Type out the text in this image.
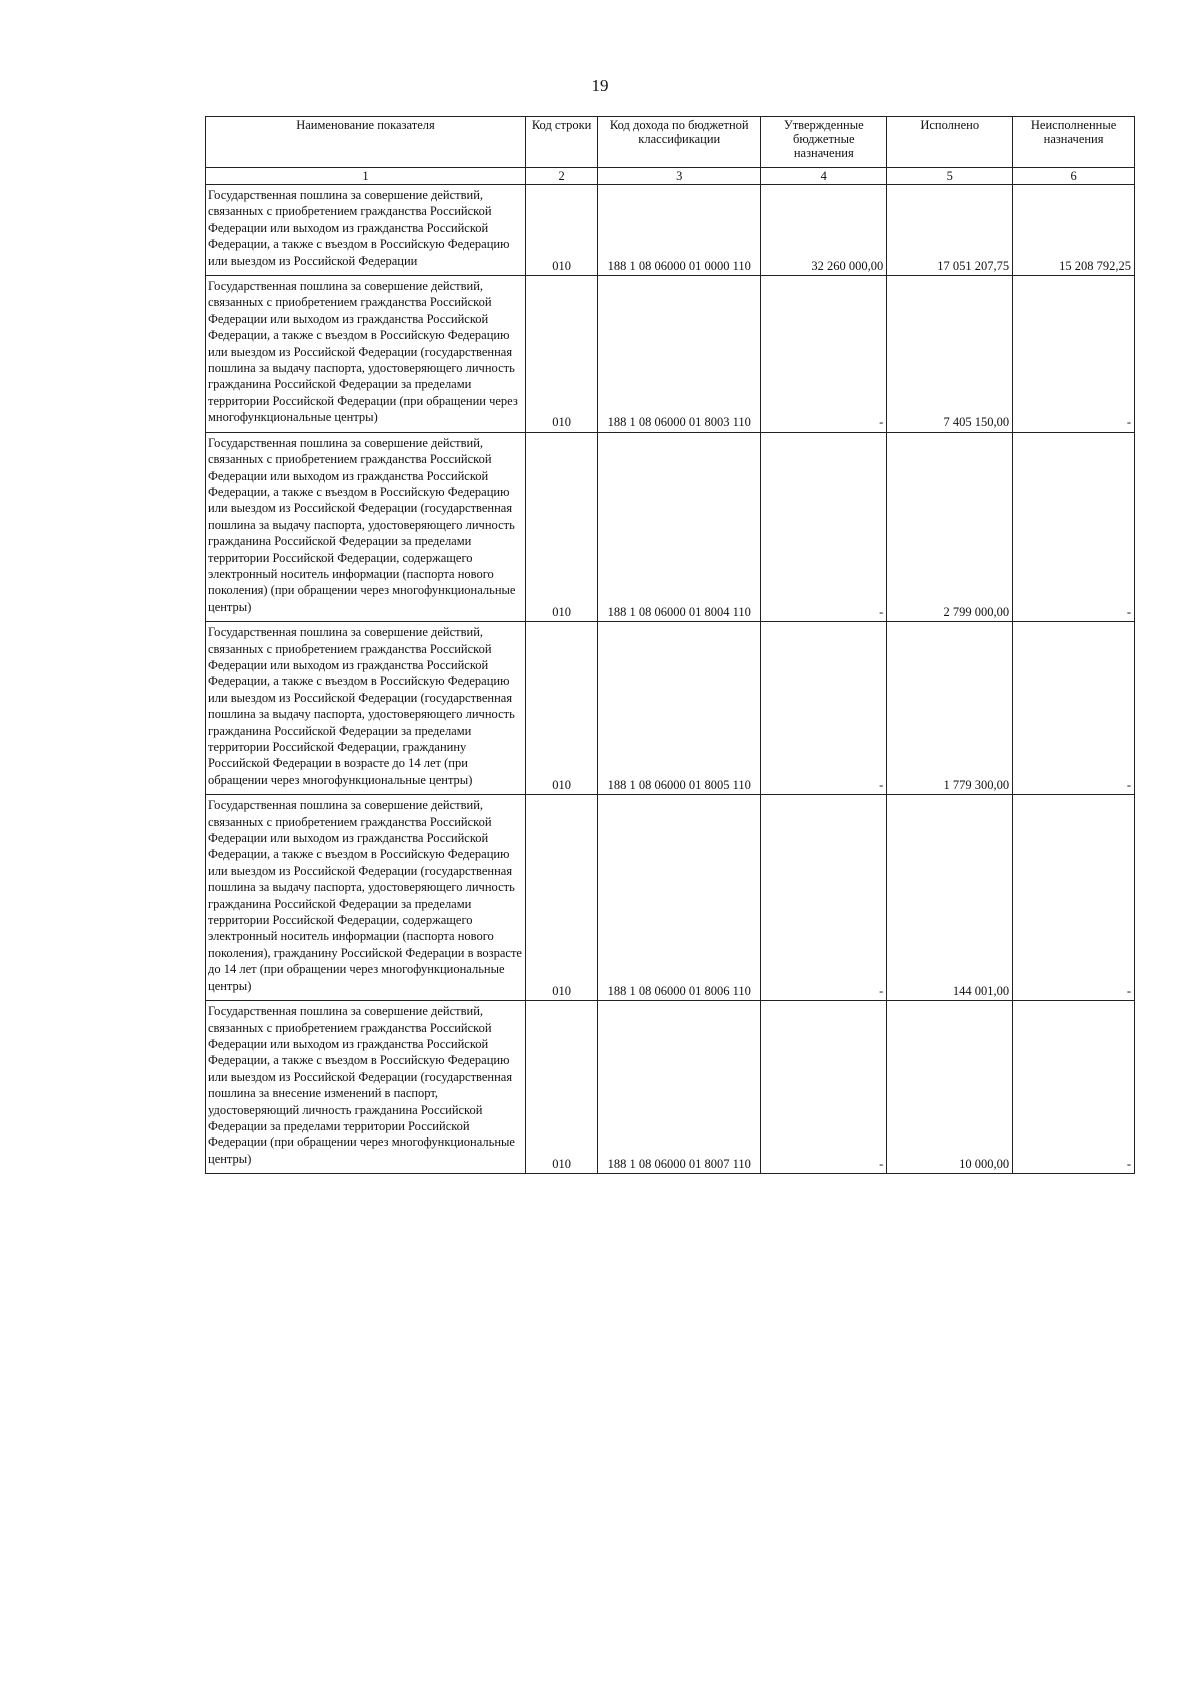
19
Наименование показателя	Код строки	Код дохода по бюджетной классификации	Утвержденные бюджетные назначения	Исполнено	Неисполненные назначения
1	2	3	4	5	6
Государственная пошлина за совершение действий, связанных с приобретением гражданства Российской Федерации или выходом из гражданства Российской Федерации, а также с въездом в Российскую Федерацию или выездом из Российской Федерации	010	188 1 08 06000 01 0000 110	32 260 000,00	17 051 207,75	15 208 792,25
Государственная пошлина за совершение действий, связанных с приобретением гражданства Российской Федерации или выходом из гражданства Российской Федерации, а также с въездом в Российскую Федерацию или выездом из Российской Федерации (государственная пошлина за выдачу паспорта, удостоверяющего личность гражданина Российской Федерации за пределами территории Российской Федерации (при обращении через многофункциональные центры)	010	188 1 08 06000 01 8003 110	-	7 405 150,00	-
Государственная пошлина за совершение действий, связанных с приобретением гражданства Российской Федерации или выходом из гражданства Российской Федерации, а также с въездом в Российскую Федерацию или выездом из Российской Федерации (государственная пошлина за выдачу паспорта, удостоверяющего личность гражданина Российской Федерации за пределами территории Российской Федерации, содержащего электронный носитель информации (паспорта нового поколения) (при обращении через многофункциональные центры)	010	188 1 08 06000 01 8004 110	-	2 799 000,00	-
Государственная пошлина за совершение действий, связанных с приобретением гражданства Российской Федерации или выходом из гражданства Российской Федерации, а также с въездом в Российскую Федерацию или выездом из Российской Федерации (государственная пошлина за выдачу паспорта, удостоверяющего личность гражданина Российской Федерации за пределами территории Российской Федерации, гражданину Российской Федерации в возрасте до 14 лет (при обращении через многофункциональные центры)	010	188 1 08 06000 01 8005 110	-	1 779 300,00	-
Государственная пошлина за совершение действий, связанных с приобретением гражданства Российской Федерации или выходом из гражданства Российской Федерации, а также с въездом в Российскую Федерацию или выездом из Российской Федерации (государственная пошлина за выдачу паспорта, удостоверяющего личность гражданина Российской Федерации за пределами территории Российской Федерации, содержащего электронный носитель информации (паспорта нового поколения), гражданину Российской Федерации в возрасте до 14 лет (при обращении через многофункциональные центры)	010	188 1 08 06000 01 8006 110	-	144 001,00	-
Государственная пошлина за совершение действий, связанных с приобретением гражданства Российской Федерации или выходом из гражданства Российской Федерации, а также с въездом в Российскую Федерацию или выездом из Российской Федерации (государственная пошлина за внесение изменений в паспорт, удостоверяющий личность гражданина Российской Федерации за пределами территории Российской Федерации (при обращении через многофункциональные центры)	010	188 1 08 06000 01 8007 110	-	10 000,00	-
